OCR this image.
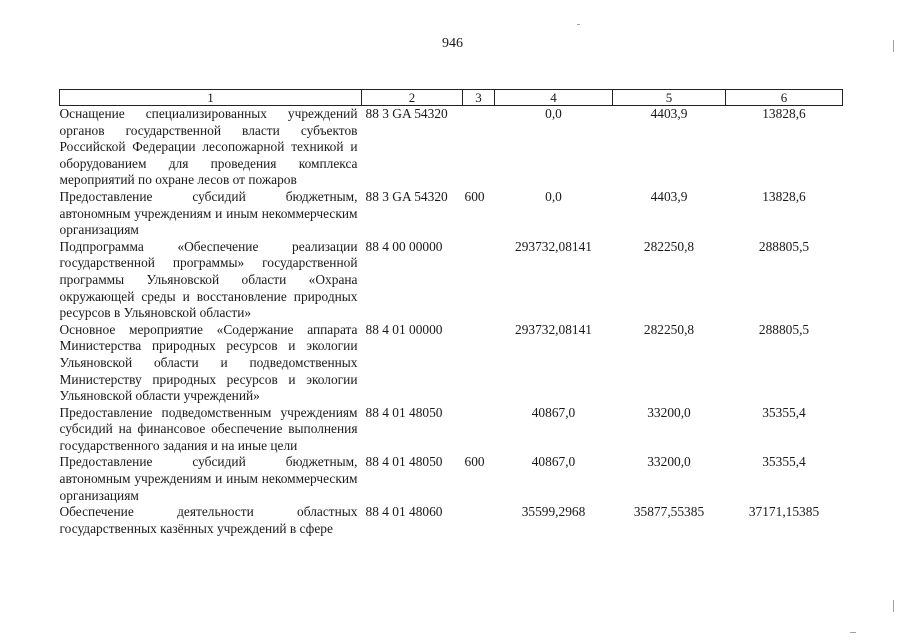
946
1	2	3	4	5	6
Оснащение специализированных учреждений органов государственной власти субъектов Российской Федерации лесопожарной техникой и оборудованием для проведения комплекса мероприятий по охране лесов от пожаров	88 3 GA 54320		0,0	4403,9	13828,6
Предоставление субсидий бюджетным, автономным учреждениям и иным некоммерческим организациям	88 3 GA 54320	600	0,0	4403,9	13828,6
Подпрограмма «Обеспечение реализации государственной программы» государственной программы Ульяновской области «Охрана окружающей среды и восстановление природных ресурсов в Ульяновской области»	88 4 00 00000		293732,08141	282250,8	288805,5
Основное мероприятие «Содержание аппарата Министерства природных ресурсов и экологии Ульяновской области и подведомственных Министерству природных ресурсов и экологии Ульяновской области учреждений»	88 4 01 00000		293732,08141	282250,8	288805,5
Предоставление подведомственным учреждениям субсидий на финансовое обеспечение выполнения государственного задания и на иные цели	88 4 01 48050		40867,0	33200,0	35355,4
Предоставление субсидий бюджетным, автономным учреждениям и иным некоммерческим организациям	88 4 01 48050	600	40867,0	33200,0	35355,4
Обеспечение деятельности областных государственных казённых учреждений в сфере	88 4 01 48060		35599,2968	35877,55385	37171,15385
